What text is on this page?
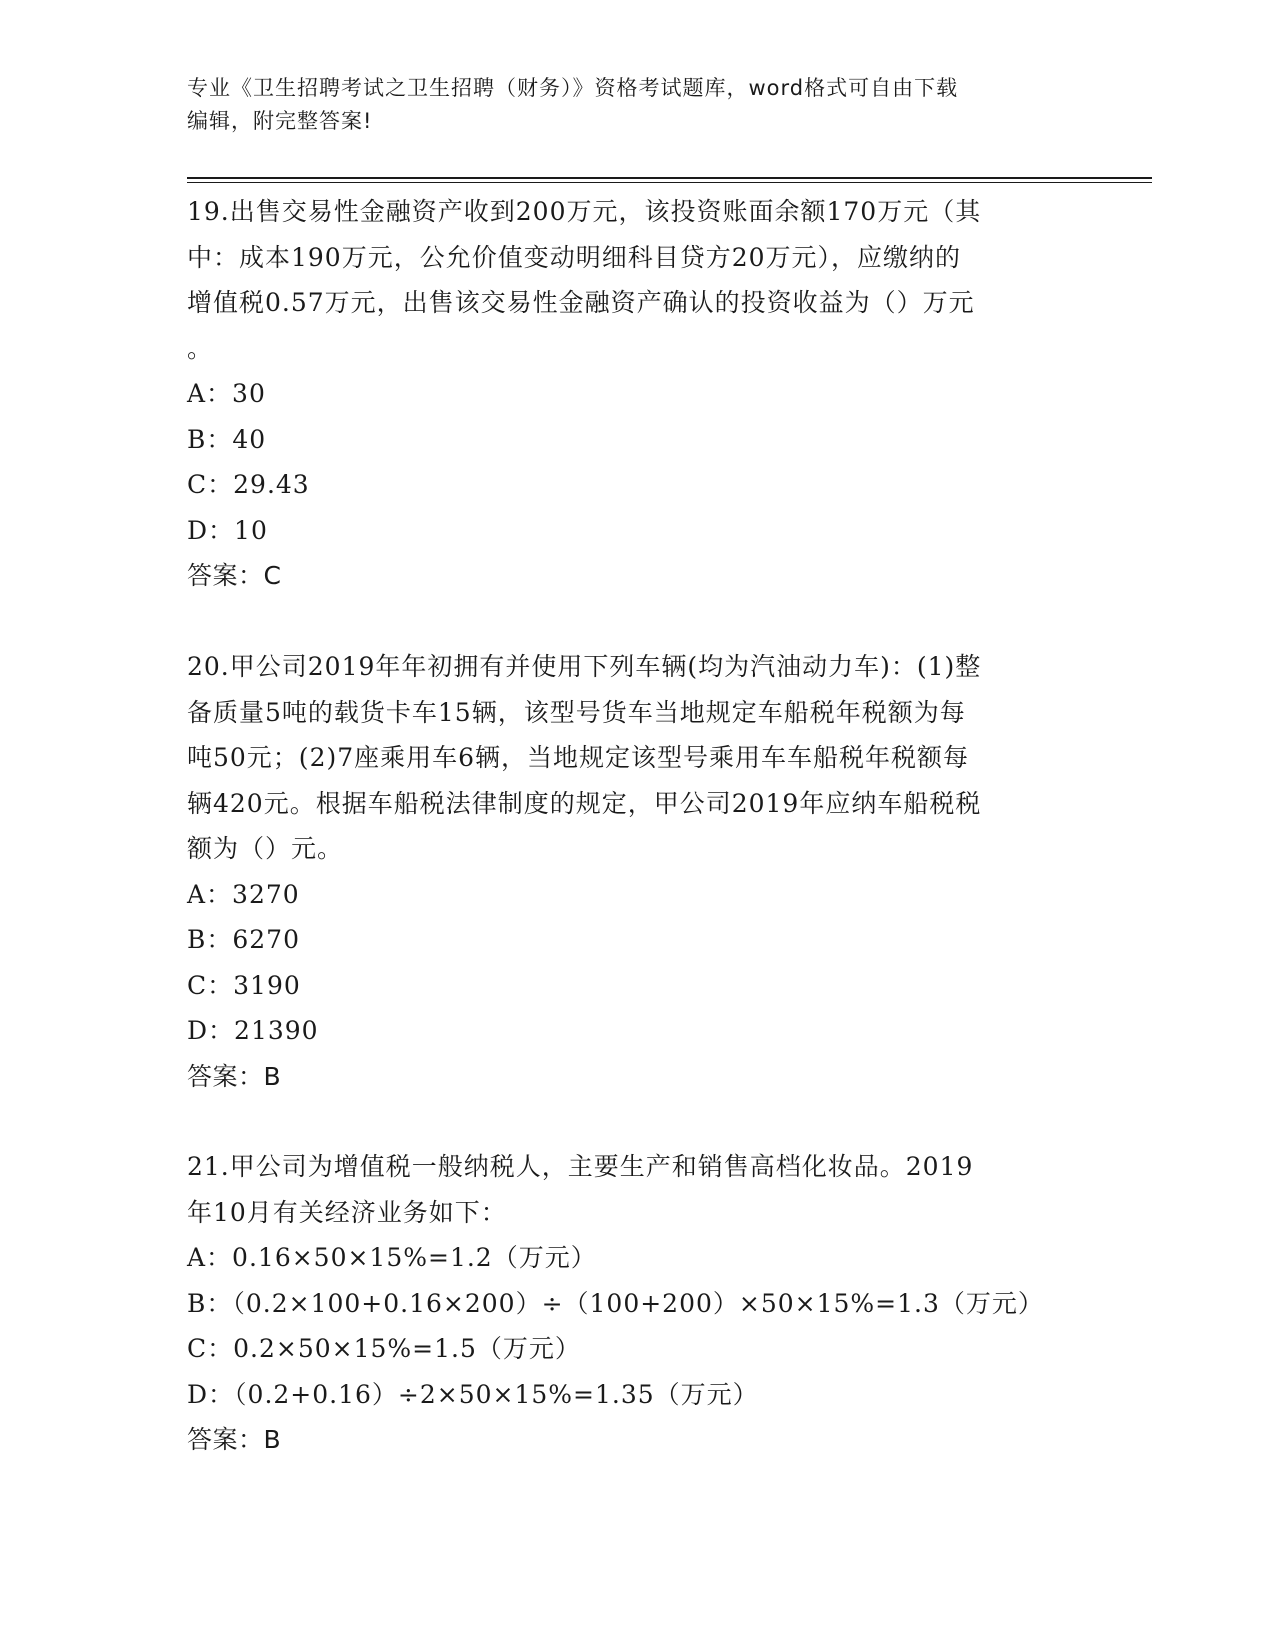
专业《卫生招聘考试之卫生招聘（财务）》资格考试题库，word格式可自由下载
编辑，附完整答案!

19.出售交易性金融资产收到200万元，该投资账面余额170万元（其
中：成本190万元，公允价值变动明细科目贷方20万元），应缴纳的
增值税0.57万元，出售该交易性金融资产确认的投资收益为（）万元
。

A：30

B：40

C：29.43

D：10

答案：C

20.甲公司2019年年初拥有并使用下列车辆(均为汽油动力车)：(1)整
备质量5吨的载货卡车15辆，该型号货车当地规定车船税年税额为每
吨50元；(2)7座乘用车6辆，当地规定该型号乘用车车船税年税额每
辆420元。根据车船税法律制度的规定，甲公司2019年应纳车船税税
额为（）元。

A：3270

B：6270

C：3190

D：21390

答案：B

21.甲公司为增值税一般纳税人，主要生产和销售高档化妆品。2019
年10月有关经济业务如下：

A：0.16×50×15%=1.2（万元）

B：（0.2×100+0.16×200）÷（100+200）×50×15%=1.3（万元）

C：0.2×50×15%=1.5（万元）

D：（0.2+0.16）÷2×50×15%=1.35（万元）

答案：B
